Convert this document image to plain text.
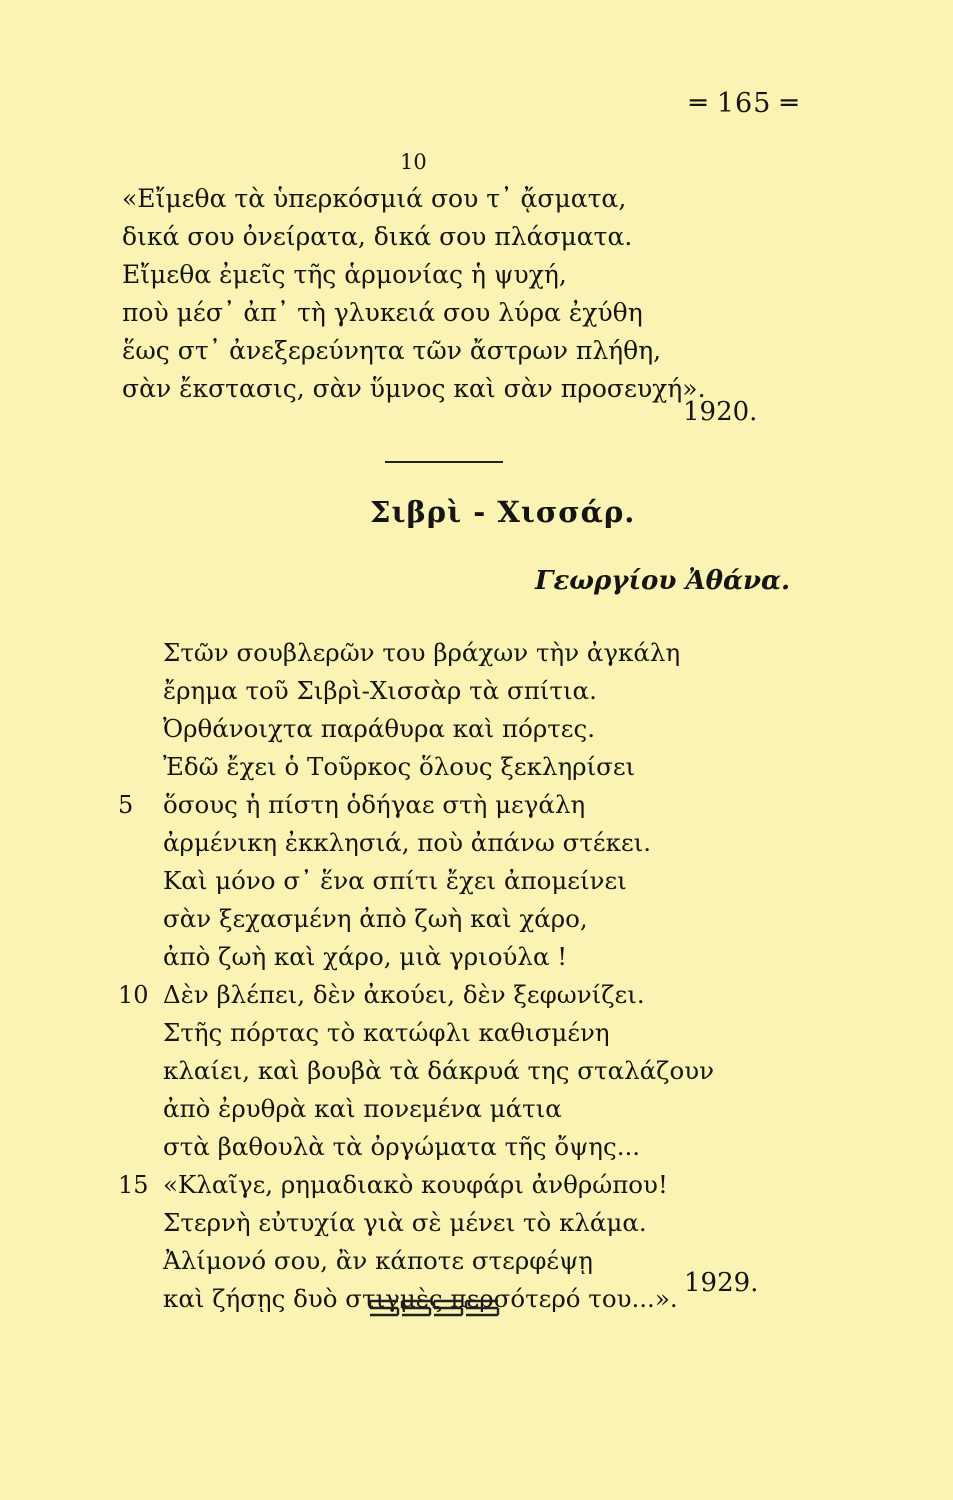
═ 165 ═
10
«Εἴμεθα τὰ ὑπερκόσμιά σου τ᾽ ᾄσματα,
δικά σου ὀνείρατα, δικά σου πλάσματα.
Εἴμεθα ἐμεῖς τῆς ἁρμονίας ἡ ψυχή,
ποὺ μέσ᾽ ἀπ᾽ τὴ γλυκειά σου λύρα ἐχύθη
ἕως στ᾽ ἀνεξερεύνητα τῶν ἄστρων πλήθη,
σὰν ἔκστασις, σὰν ὕμνος καὶ σὰν προσευχή».
1920.
Σιβρὶ - Χισσάρ.
Γεωργίου Ἀθάνα.
Στῶν σουβλερῶν του βράχων τὴν ἀγκάλη
ἔρημα τοῦ Σιβρὶ-Χισσὰρ τὰ σπίτια.
Ὀρθάνοιχτα παράθυρα καὶ πόρτες.
Ἐδῶ ἔχει ὁ Τοῦρκος ὅλους ξεκληρίσει
5 ὅσους ἡ πίστη ὁδήγαε στὴ μεγάλη
ἀρμένικη ἐκκλησιά, ποὺ ἀπάνω στέκει.
Καὶ μόνο σ᾽ ἕνα σπίτι ἔχει ἀπομείνει
σὰν ξεχασμένη ἀπὸ ζωὴ καὶ χάρο,
ἀπὸ ζωὴ καὶ χάρο, μιὰ γριούλα !
10 Δὲν βλέπει, δὲν ἀκούει, δὲν ξεφωνίζει.
Στῆς πόρτας τὸ κατώφλι καθισμένη
κλαίει, καὶ βουβὰ τὰ δάκρυά της σταλάζουν
ἀπὸ ἐρυθρὰ καὶ πονεμένα μάτια
στὰ βαθουλὰ τὰ ὀργώματα τῆς ὄψης...
15 «Κλαῖγε, ρημαδιακὸ κουφάρι ἀνθρώπου!
Στερνὴ εὐτυχία γιὰ σὲ μένει τὸ κλάμα.
Ἀλίμονό σου, ἂν κάποτε στερφέψῃ
καὶ ζήσῃς δυὸ στιγμὲς περσότερό του...».
1929.
